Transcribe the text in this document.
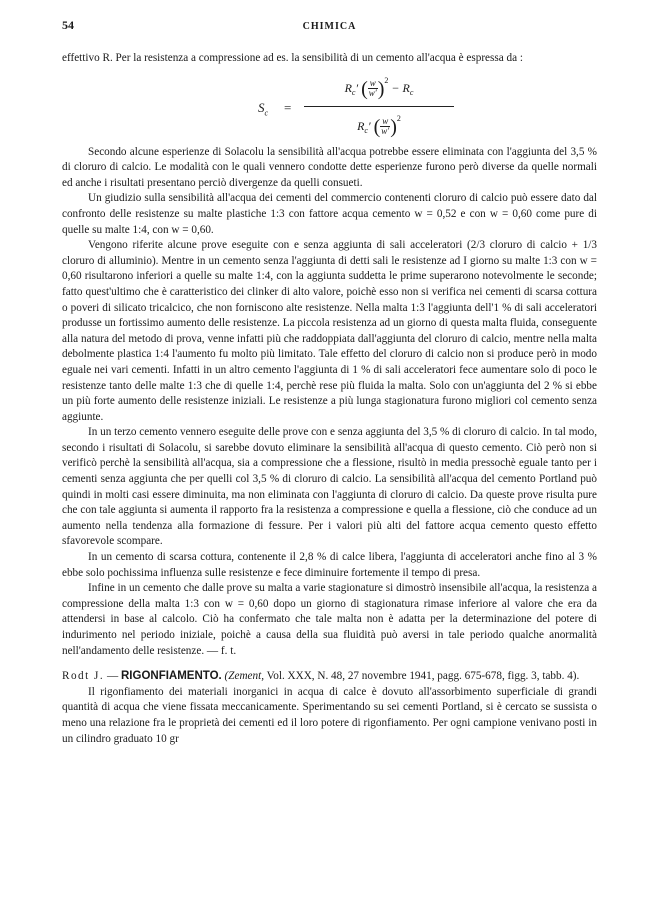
54	CHIMICA

effettivo R. Per la resistenza a compressione ad es. la sensibilità di un cemento all'acqua è espressa da :

$S_c$ =
$R_c'$ ( $\frac{w}{w'} )^2 - R_c$
$R_c'$ ( $\frac{w}{w'} )^2$

Secondo alcune esperienze di Solacolu la sensibilità all'acqua potrebbe essere eliminata con l'aggiunta del 3,5 % di cloruro di calcio. Le modalità con le quali vennero condotte dette esperienze furono però diverse da quelle normali ed anche i risultati presentano perciò divergenze da quelli consueti.

Un giudizio sulla sensibilità all'acqua dei cementi del commercio contenenti cloruro di calcio può essere dato dal confronto delle resistenze su malte plastiche 1:3 con fattore acqua cemento w = 0,52 e con w = 0,60 come pure di quelle su malte 1:4, con w = 0,60.

Vengono riferite alcune prove eseguite con e senza aggiunta di sali acceleratori (2/3 cloruro di calcio + 1/3 cloruro di alluminio). Mentre in un cemento senza l'aggiunta di detti sali le resistenze ad I giorno su malte 1:3 con w = 0,60 risultarono inferiori a quelle su malte 1:4, con la aggiunta suddetta le prime superarono notevolmente le seconde; fatto quest'ultimo che è caratteristico dei clinker di alto valore, poichè esso non si verifica nei cementi di scarsa cottura o poveri di silicato tricalcico, che non forniscono alte resistenze. Nella malta 1:3 l'aggiunta dell'1 % di sali acceleratori produsse un fortissimo aumento delle resistenze. La piccola resistenza ad un giorno di questa malta fluida, conseguente alla natura del metodo di prova, venne infatti più che raddoppiata dall'aggiunta del cloruro di calcio, mentre nella malta debolmente plastica 1:4 l'aumento fu molto più limitato. Tale effetto del cloruro di calcio non si produce però in modo eguale nei vari cementi. Infatti in un altro cemento l'aggiunta di 1 % di sali acceleratori fece aumentare solo di poco le resistenze tanto delle malte 1:3 che di quelle 1:4, perchè rese più fluida la malta. Solo con un'aggiunta del 2 % si ebbe un più forte aumento delle resistenze iniziali. Le resistenze a più lunga stagionatura furono migliori col cemento senza aggiunte.

In un terzo cemento vennero eseguite delle prove con e senza aggiunta del 3,5 % di cloruro di calcio. In tal modo, secondo i risultati di Solacolu, si sarebbe dovuto eliminare la sensibilità all'acqua di questo cemento. Ciò però non si verificò perchè la sensibilità all'acqua, sia a compressione che a flessione, risultò in media pressochè eguale tanto per i cementi senza aggiunta che per quelli col 3,5 % di cloruro di calcio. La sensibilità all'acqua del cemento Portland può quindi in molti casi essere diminuita, ma non eliminata con l'aggiunta di cloruro di calcio. Da queste prove risulta pure che con tale aggiunta si aumenta il rapporto fra la resistenza a compressione e quella a flessione, ciò che conduce ad un aumento nella tendenza alla formazione di fessure. Per i valori più alti del fattore acqua cemento questo effetto sfavorevole scompare.

In un cemento di scarsa cottura, contenente il 2,8 % di calce libera, l'aggiunta di acceleratori anche fino al 3 % ebbe solo pochissima influenza sulle resistenze e fece diminuire fortemente il tempo di presa.

Infine in un cemento che dalle prove su malta a varie stagionature si dimostrò insensibile all'acqua, la resistenza a compressione della malta 1:3 con w = 0,60 dopo un giorno di stagionatura rimase inferiore al valore che era da attendersi in base al calcolo. Ciò ha confermato che tale malta non è adatta per la determinazione del potere di indurimento nel periodo iniziale, poichè a causa della sua fluidità può aversi in tale periodo qualche anormalità nell'andamento delle resistenze. — f. t.

Rodt J. — RIGONFIAMENTO. (Zement, Vol. XXX, N. 48, 27 novembre 1941, pagg. 675-678, figg. 3, tabb. 4).

Il rigonfiamento dei materiali inorganici in acqua di calce è dovuto all'assorbimento superficiale di grandi quantità di acqua che viene fissata meccanicamente. Sperimentando su sei cementi Portland, si è cercato se sussista o meno una relazione fra le proprietà dei cementi ed il loro potere di rigonfiamento. Per ogni campione venivano posti in un cilindro graduato 10 gr
